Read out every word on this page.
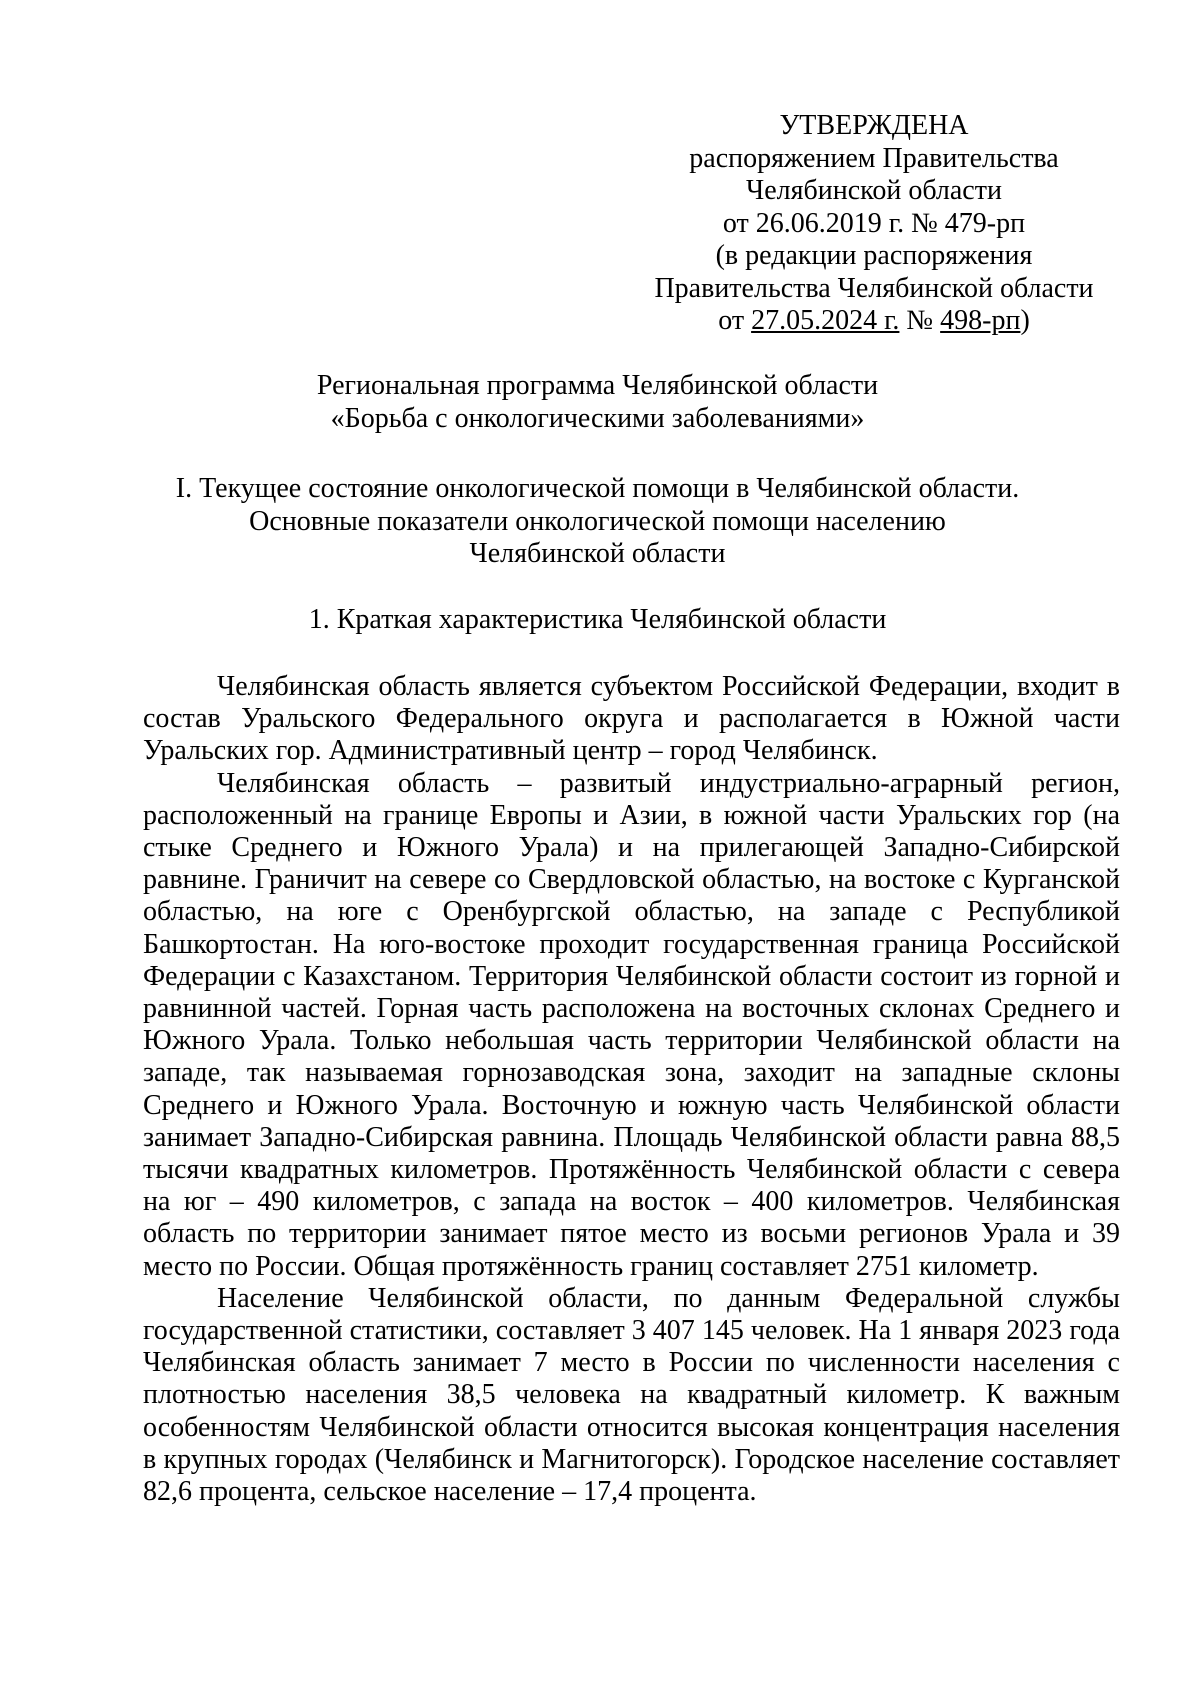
УТВЕРЖДЕНА
распоряжением Правительства
Челябинской области
от 26.06.2019 г. № 479-рп
(в редакции распоряжения
Правительства Челябинской области
от 27.05.2024 г. № 498-рп)
Региональная программа Челябинской области
«Борьба с онкологическими заболеваниями»
I. Текущее состояние онкологической помощи в Челябинской области.
Основные показатели онкологической помощи населению
Челябинской области
1. Краткая характеристика Челябинской области

Челябинская область является субъектом Российской Федерации, входит в состав Уральского Федерального округа и располагается в Южной части Уральских гор. Административный центр – город Челябинск.

Челябинская область – развитый индустриально-аграрный регион, расположенный на границе Европы и Азии, в южной части Уральских гор (на стыке Среднего и Южного Урала) и на прилегающей Западно-Сибирской равнине. Граничит на севере со Свердловской областью, на востоке с Курганской областью, на юге с Оренбургской областью, на западе с Республикой Башкортостан. На юго-востоке проходит государственная граница Российской Федерации с Казахстаном. Территория Челябинской области состоит из горной и равнинной частей. Горная часть расположена на восточных склонах Среднего и Южного Урала. Только небольшая часть территории Челябинской области на западе, так называемая горнозаводская зона, заходит на западные склоны Среднего и Южного Урала. Восточную и южную часть Челябинской области занимает Западно-Сибирская равнина. Площадь Челябинской области равна 88,5 тысячи квадратных километров. Протяжённость Челябинской области с севера на юг – 490 километров, с запада на восток – 400 километров. Челябинская область по территории занимает пятое место из восьми регионов Урала и 39 место по России. Общая протяжённость границ составляет 2751 километр.

Население Челябинской области, по данным Федеральной службы государственной статистики, составляет 3 407 145 человек. На 1 января 2023 года Челябинская область занимает 7 место в России по численности населения с плотностью населения 38,5 человека на квадратный километр. К важным особенностям Челябинской области относится высокая концентрация населения в крупных городах (Челябинск и Магнитогорск). Городское население составляет 82,6 процента, сельское население – 17,4 процента.
